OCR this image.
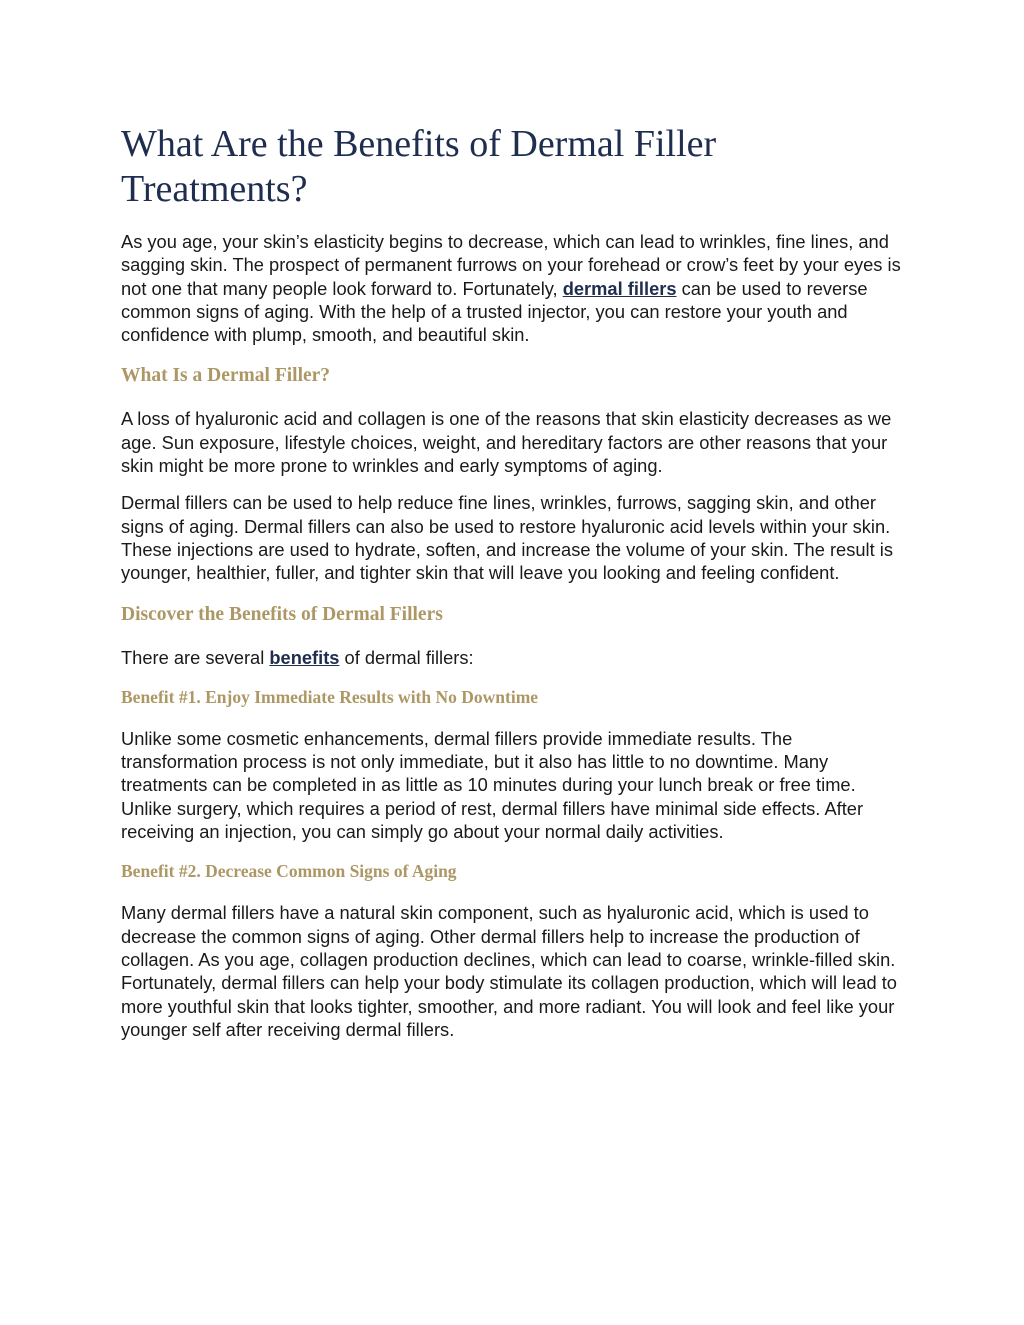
What Are the Benefits of Dermal Filler Treatments?

As you age, your skin’s elasticity begins to decrease, which can lead to wrinkles, fine lines, and sagging skin. The prospect of permanent furrows on your forehead or crow’s feet by your eyes is not one that many people look forward to. Fortunately, dermal fillers can be used to reverse common signs of aging. With the help of a trusted injector, you can restore your youth and confidence with plump, smooth, and beautiful skin.

What Is a Dermal Filler?

A loss of hyaluronic acid and collagen is one of the reasons that skin elasticity decreases as we age. Sun exposure, lifestyle choices, weight, and hereditary factors are other reasons that your skin might be more prone to wrinkles and early symptoms of aging.

Dermal fillers can be used to help reduce fine lines, wrinkles, furrows, sagging skin, and other signs of aging. Dermal fillers can also be used to restore hyaluronic acid levels within your skin. These injections are used to hydrate, soften, and increase the volume of your skin. The result is younger, healthier, fuller, and tighter skin that will leave you looking and feeling confident.

Discover the Benefits of Dermal Fillers

There are several benefits of dermal fillers:

Benefit #1. Enjoy Immediate Results with No Downtime

Unlike some cosmetic enhancements, dermal fillers provide immediate results. The transformation process is not only immediate, but it also has little to no downtime. Many treatments can be completed in as little as 10 minutes during your lunch break or free time. Unlike surgery, which requires a period of rest, dermal fillers have minimal side effects. After receiving an injection, you can simply go about your normal daily activities.

Benefit #2. Decrease Common Signs of Aging

Many dermal fillers have a natural skin component, such as hyaluronic acid, which is used to decrease the common signs of aging. Other dermal fillers help to increase the production of collagen. As you age, collagen production declines, which can lead to coarse, wrinkle-filled skin. Fortunately, dermal fillers can help your body stimulate its collagen production, which will lead to more youthful skin that looks tighter, smoother, and more radiant. You will look and feel like your younger self after receiving dermal fillers.
